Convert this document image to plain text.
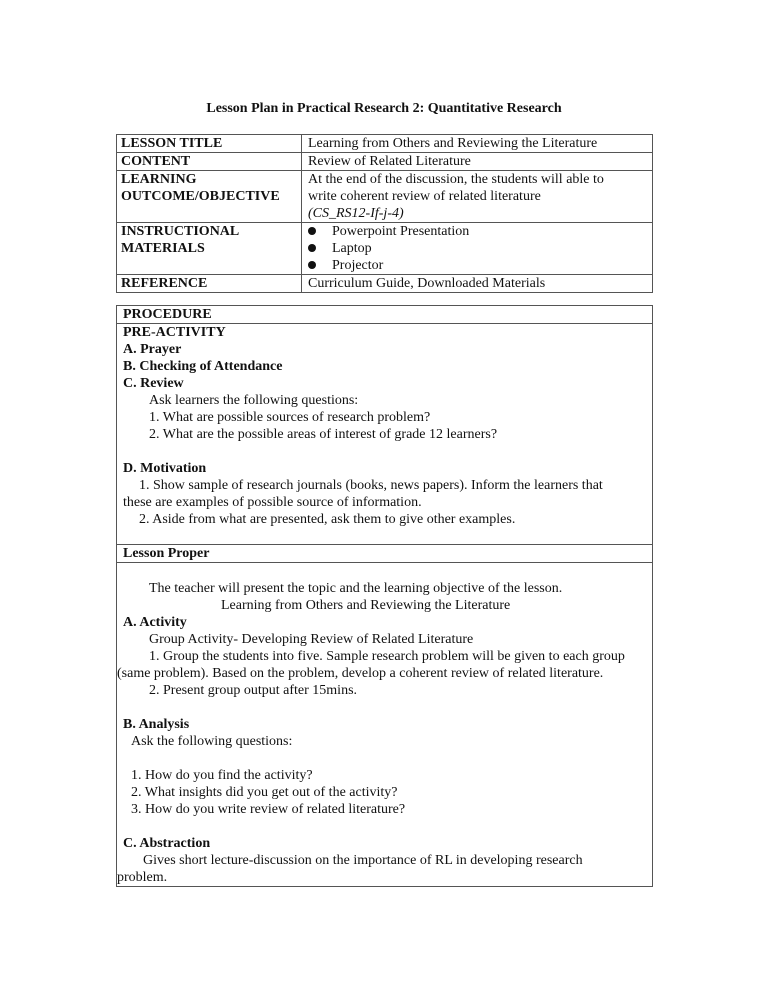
Lesson Plan in Practical Research 2: Quantitative Research
LESSON TITLE	Learning from Others and Reviewing the Literature
CONTENT	Review of Related Literature

LEARNING
OUTCOME/OBJECTIVE	At the end of the discussion, the students will able to
write coherent review of related literature
(CS_RS12-If-j-4)

INSTRUCTIONAL
MATERIALS	Powerpoint Presentation
Laptop
Projector

REFERENCE	Curriculum Guide, Downloaded Materials
PROCEDURE

PRE-ACTIVITY
A. Prayer
B. Checking of Attendance
C. Review
Ask learners the following questions:
1. What are possible sources of research problem?
2. What are the possible areas of interest of grade 12 learners?
D. Motivation
1. Show sample of research journals (books, news papers). Inform the learners that
these are examples of possible source of information.
2. Aside from what are presented, ask them to give other examples.

Lesson Proper

The teacher will present the topic and the learning objective of the lesson.
Learning from Others and Reviewing the Literature
A. Activity
Group Activity- Developing Review of Related Literature
1. Group the students into five. Sample research problem will be given to each group
(same problem). Based on the problem, develop a coherent review of related literature.
2. Present group output after 15mins.
B. Analysis
Ask the following questions:
1. How do you find the activity?
2. What insights did you get out of the activity?
3. How do you write review of related literature?
C. Abstraction
Gives short lecture-discussion on the importance of RL in developing research
problem.
